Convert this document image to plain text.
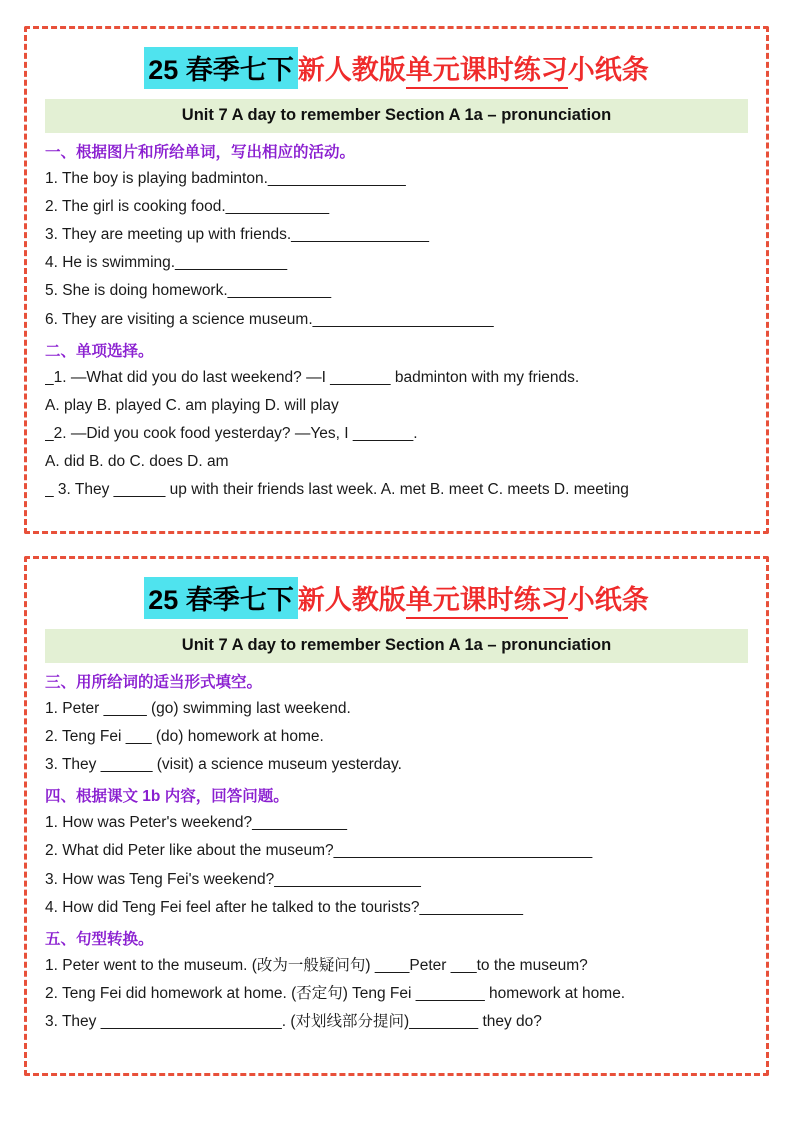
25 春季七下 新人教版 单元课时练习 小纸条
Unit 7 A day to remember Section A 1a – pronunciation
一、根据图片和所给单词，写出相应的活动。
1. The boy is playing badminton.________________
2. The girl is cooking food.____________
3. They are meeting up with friends.________________
4. He is swimming._____________
5. She is doing homework.____________
6. They are visiting a science museum._____________________
二、单项选择。
_1. —What did you do last weekend? —I _______ badminton with my friends.
A. play B. played C. am playing D. will play
_2. —Did you cook food yesterday? —Yes, I _______.
A. did B. do C. does D. am
_ 3. They ______ up with their friends last week. A. met B. meet C. meets D. meeting
25 春季七下 新人教版 单元课时练习 小纸条
Unit 7 A day to remember Section A 1a – pronunciation
三、用所给词的适当形式填空。
1. Peter _____ (go) swimming last weekend.
2. Teng Fei ___ (do) homework at home.
3. They ______ (visit) a science museum yesterday.
四、根据课文 1b 内容，回答问题。
1. How was Peter's weekend?___________
2. What did Peter like about the museum?______________________________
3. How was Teng Fei's weekend?_________________
4. How did Teng Fei feel after he talked to the tourists?____________
五、句型转换。
1. Peter went to the museum. (改为一般疑问句) ____Peter ___to the museum?
2. Teng Fei did homework at home. (否定句) Teng Fei ________ homework at home.
3. They _____________________. (对划线部分提问)________ they do?
